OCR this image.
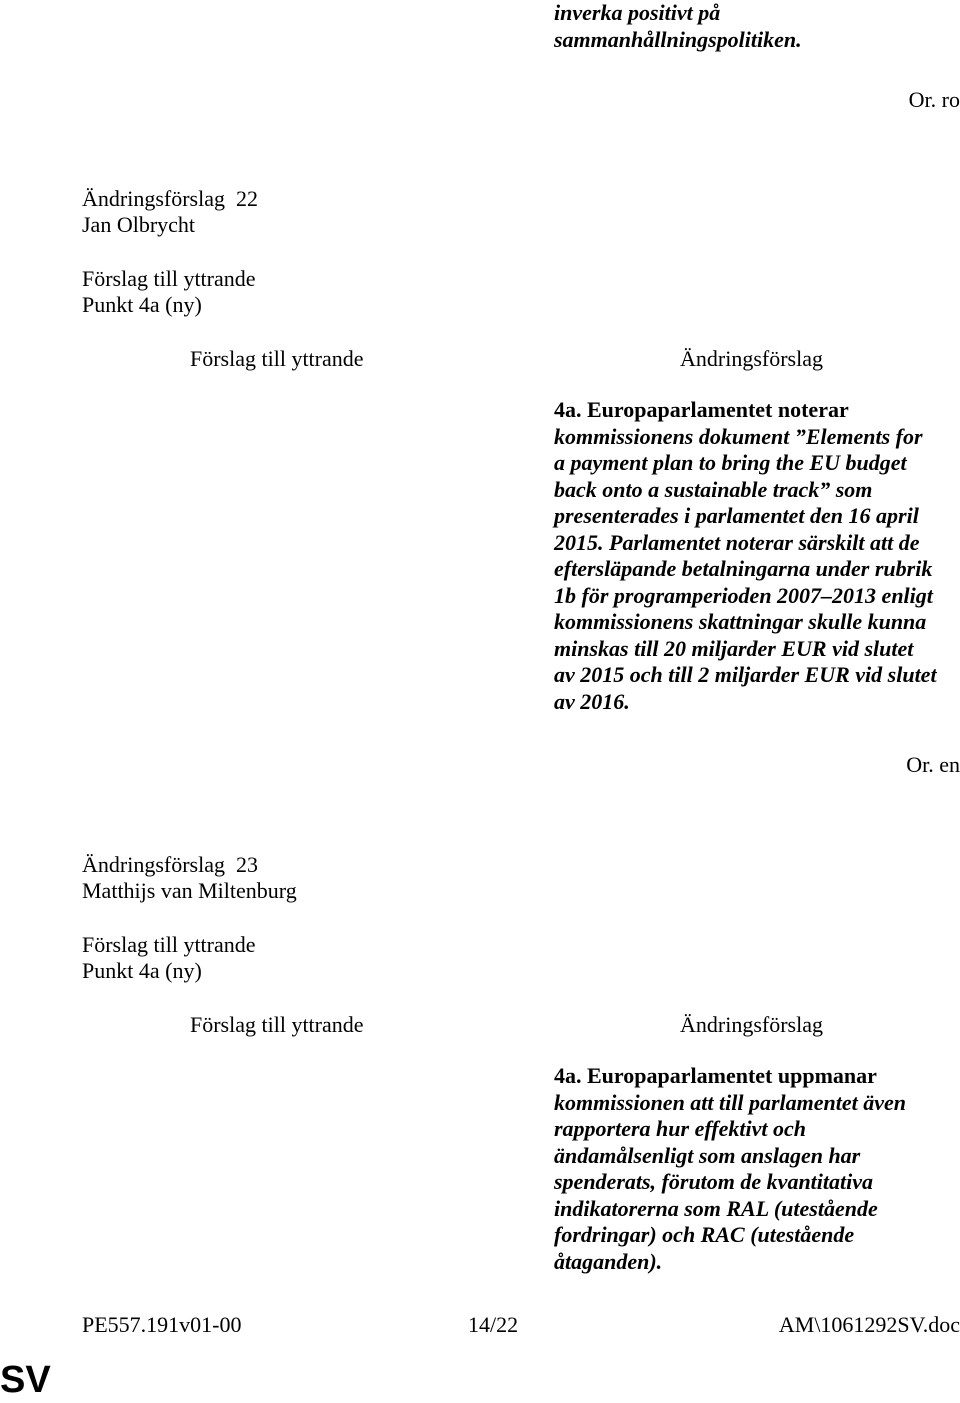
inverka positivt på
sammanhållningspolitiken.
Or. ro
Ändringsförslag  22
Jan Olbrycht
Förslag till yttrande
Punkt 4a (ny)
Förslag till yttrande	Ändringsförslag
4a. Europaparlamentet noterar
kommissionens dokument ”Elements for
a payment plan to bring the EU budget
back onto a sustainable track” som
presenterades i parlamentet den 16 april
2015. Parlamentet noterar särskilt att de
eftersläpande betalningarna under rubrik
1b för programperioden 2007–2013 enligt
kommissionens skattningar skulle kunna
minskas till 20 miljarder EUR vid slutet
av 2015 och till 2 miljarder EUR vid slutet
av 2016.
Or. en
Ändringsförslag  23
Matthijs van Miltenburg
Förslag till yttrande
Punkt 4a (ny)
Förslag till yttrande	Ändringsförslag
4a. Europaparlamentet uppmanar
kommissionen att till parlamentet även
rapportera hur effektivt och
ändamålsenligt som anslagen har
spenderats, förutom de kvantitativa
indikatorerna som RAL (utestående
fordringar) och RAC (utestående
åtaganden).
PE557.191v01-00	14/22	AM\1061292SV.doc
SV
